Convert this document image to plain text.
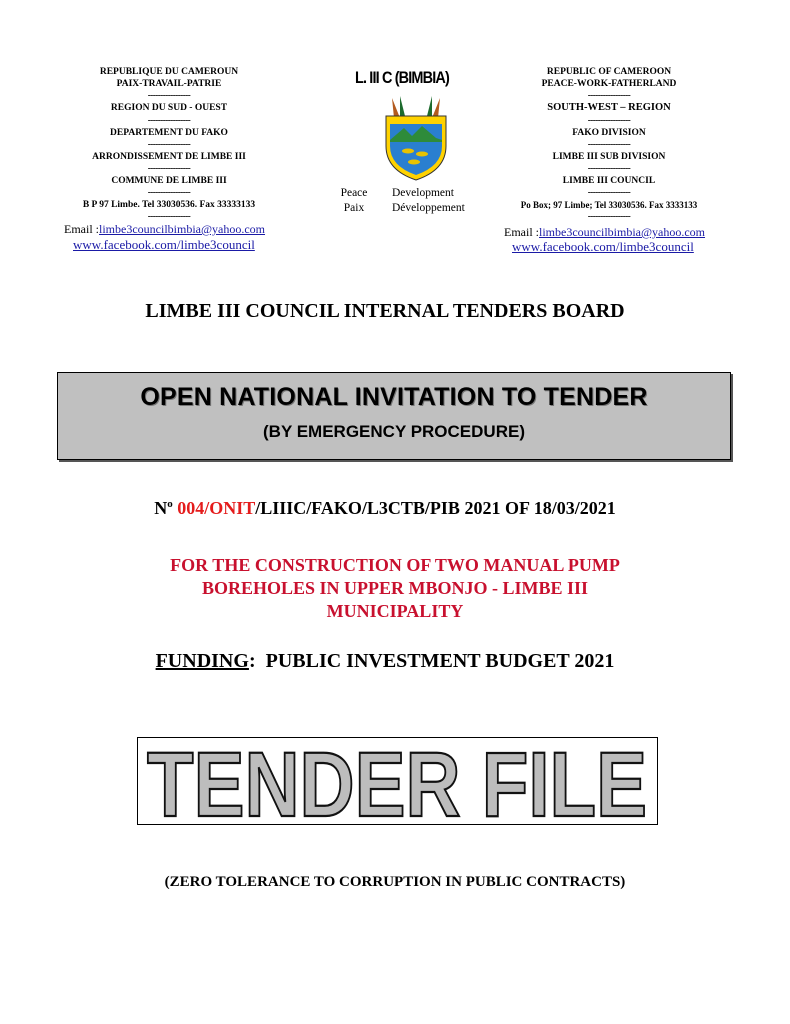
REPUBLIQUE DU CAMEROUN
PAIX-TRAVAIL-PATRIE
-----------------
REGION DU SUD - OUEST
-----------------
DEPARTEMENT DU FAKO
-----------------
ARRONDISSEMENT DE LIMBE III
-----------------
COMMUNE DE LIMBE III
-----------------
B P 97 Limbe. Tel 33030536. Fax 33333133
-----------------
Email :limbe3councilbimbia@yahoo.com
www.facebook.com/limbe3council
L. III C (BIMBIA)
Peace
Paix
Development
Développement
REPUBLIC OF CAMEROON
PEACE-WORK-FATHERLAND
-----------------
SOUTH-WEST – REGION
-----------------
FAKO DIVISION
-----------------
LIMBE III SUB DIVISION
-----------------
LIMBE III COUNCIL
-----------------
Po Box; 97 Limbe; Tel 33030536. Fax 3333133
-----------------
Email :limbe3councilbimbia@yahoo.com
www.facebook.com/limbe3council
LIMBE III COUNCIL INTERNAL TENDERS BOARD
OPEN NATIONAL INVITATION TO TENDER
(BY EMERGENCY PROCEDURE)
$N^o$ 004/ONIT/LIIIC/FAKO/L3CTB/PIB 2021 OF 18/03/2021
FOR THE CONSTRUCTION OF TWO MANUAL PUMP
BOREHOLES IN UPPER MBONJO - LIMBE III
MUNICIPALITY
FUNDING: PUBLIC INVESTMENT BUDGET 2021
TENDER FILE
(ZERO TOLERANCE TO CORRUPTION IN PUBLIC CONTRACTS)
